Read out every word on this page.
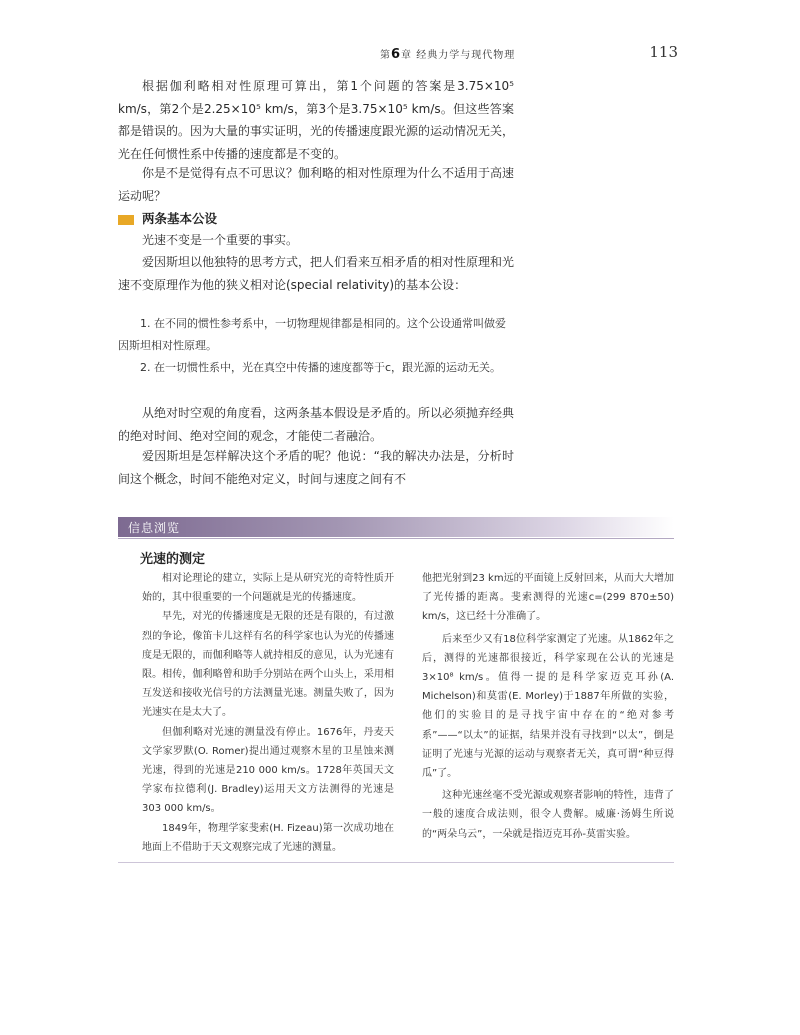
第6章 经典力学与现代物理	113

根据伽利略相对性原理可算出，第1个问题的答案是3.75×10⁵ km/s，第2个是2.25×10⁵ km/s，第3个是3.75×10⁵ km/s。但这些答案都是错误的。因为大量的事实证明，光的传播速度跟光源的运动情况无关，光在任何惯性系中传播的速度都是不变的。

你是不是觉得有点不可思议？伽利略的相对性原理为什么不适用于高速运动呢？

两条基本公设

光速不变是一个重要的事实。

爱因斯坦以他独特的思考方式，把人们看来互相矛盾的相对性原理和光速不变原理作为他的狭义相对论(special relativity)的基本公设：

1. 在不同的惯性参考系中，一切物理规律都是相同的。这个公设通常叫做爱因斯坦相对性原理。

2. 在一切惯性系中，光在真空中传播的速度都等于c，跟光源的运动无关。

从绝对时空观的角度看，这两条基本假设是矛盾的。所以必须抛弃经典的绝对时间、绝对空间的观念，才能使二者融洽。

爱因斯坦是怎样解决这个矛盾的呢？他说：“我的解决办法是，分析时间这个概念，时间不能绝对定义，时间与速度之间有不

信息浏览
光速的测定

相对论理论的建立，实际上是从研究光的奇特性质开始的，其中很重要的一个问题就是光的传播速度。

早先，对光的传播速度是无限的还是有限的，有过激烈的争论，像笛卡儿这样有名的科学家也认为光的传播速度是无限的，而伽利略等人就持相反的意见，认为光速有限。相传，伽利略曾和助手分别站在两个山头上，采用相互发送和接收光信号的方法测量光速。测量失败了，因为光速实在是太大了。

但伽利略对光速的测量没有停止。1676年，丹麦天文学家罗默(O. Romer)提出通过观察木星的卫星蚀来测光速，得到的光速是210 000 km/s。1728年英国天文学家布拉德利(J. Bradley)运用天文方法测得的光速是303 000 km/s。

1849年，物理学家斐索(H. Fizeau)第一次成功地在地面上不借助于天文观察完成了光速的测量。

他把光射到23 km远的平面镜上反射回来，从而大大增加了光传播的距离。斐索测得的光速c=(299 870±50) km/s，这已经十分准确了。

后来至少又有18位科学家测定了光速。从1862年之后，测得的光速都很接近，科学家现在公认的光速是3×10⁸ km/s。值得一提的是科学家迈克耳孙(A. Michelson)和莫雷(E. Morley)于1887年所做的实验，他们的实验目的是寻找宇宙中存在的“绝对参考系”——“以太”的证据，结果并没有寻找到“以太”，倒是证明了光速与光源的运动与观察者无关，真可谓“种豆得瓜”了。

这种光速丝毫不受光源或观察者影响的特性，违背了一般的速度合成法则，很令人费解。威廉·汤姆生所说的“两朵乌云”，一朵就是指迈克耳孙-莫雷实验。
